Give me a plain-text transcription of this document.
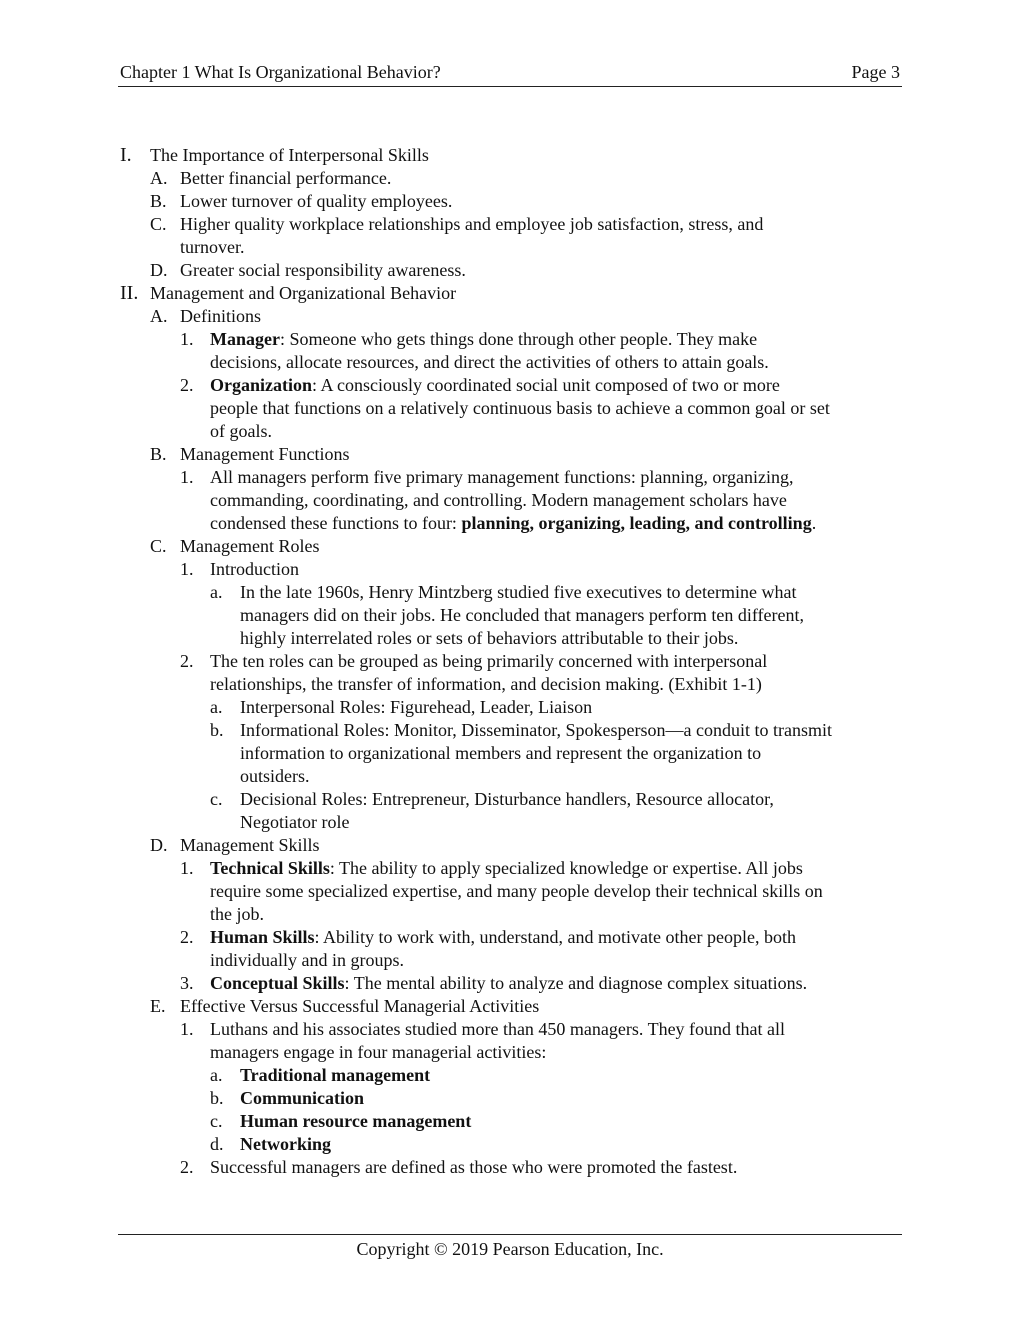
Chapter 1 What Is Organizational Behavior?	Page 3
I. The Importance of Interpersonal Skills
A. Better financial performance.
B. Lower turnover of quality employees.
C. Higher quality workplace relationships and employee job satisfaction, stress, and
turnover.
D. Greater social responsibility awareness.
II. Management and Organizational Behavior
A. Definitions
1. Manager: Someone who gets things done through other people. They make
decisions, allocate resources, and direct the activities of others to attain goals.
2. Organization: A consciously coordinated social unit composed of two or more
people that functions on a relatively continuous basis to achieve a common goal or set
of goals.
B. Management Functions
1. All managers perform five primary management functions: planning, organizing,
commanding, coordinating, and controlling. Modern management scholars have
condensed these functions to four: planning, organizing, leading, and controlling.
C. Management Roles
1. Introduction
a. In the late 1960s, Henry Mintzberg studied five executives to determine what
managers did on their jobs. He concluded that managers perform ten different,
highly interrelated roles or sets of behaviors attributable to their jobs.
2. The ten roles can be grouped as being primarily concerned with interpersonal
relationships, the transfer of information, and decision making. (Exhibit 1-1)
a. Interpersonal Roles: Figurehead, Leader, Liaison
b. Informational Roles: Monitor, Disseminator, Spokesperson—a conduit to transmit
information to organizational members and represent the organization to
outsiders.
c. Decisional Roles: Entrepreneur, Disturbance handlers, Resource allocator,
Negotiator role
D. Management Skills
1. Technical Skills: The ability to apply specialized knowledge or expertise. All jobs
require some specialized expertise, and many people develop their technical skills on
the job.
2. Human Skills: Ability to work with, understand, and motivate other people, both
individually and in groups.
3. Conceptual Skills: The mental ability to analyze and diagnose complex situations.
E. Effective Versus Successful Managerial Activities
1. Luthans and his associates studied more than 450 managers. They found that all
managers engage in four managerial activities:
a. Traditional management
b. Communication
c. Human resource management
d. Networking
2. Successful managers are defined as those who were promoted the fastest.
Copyright © 2019 Pearson Education, Inc.
